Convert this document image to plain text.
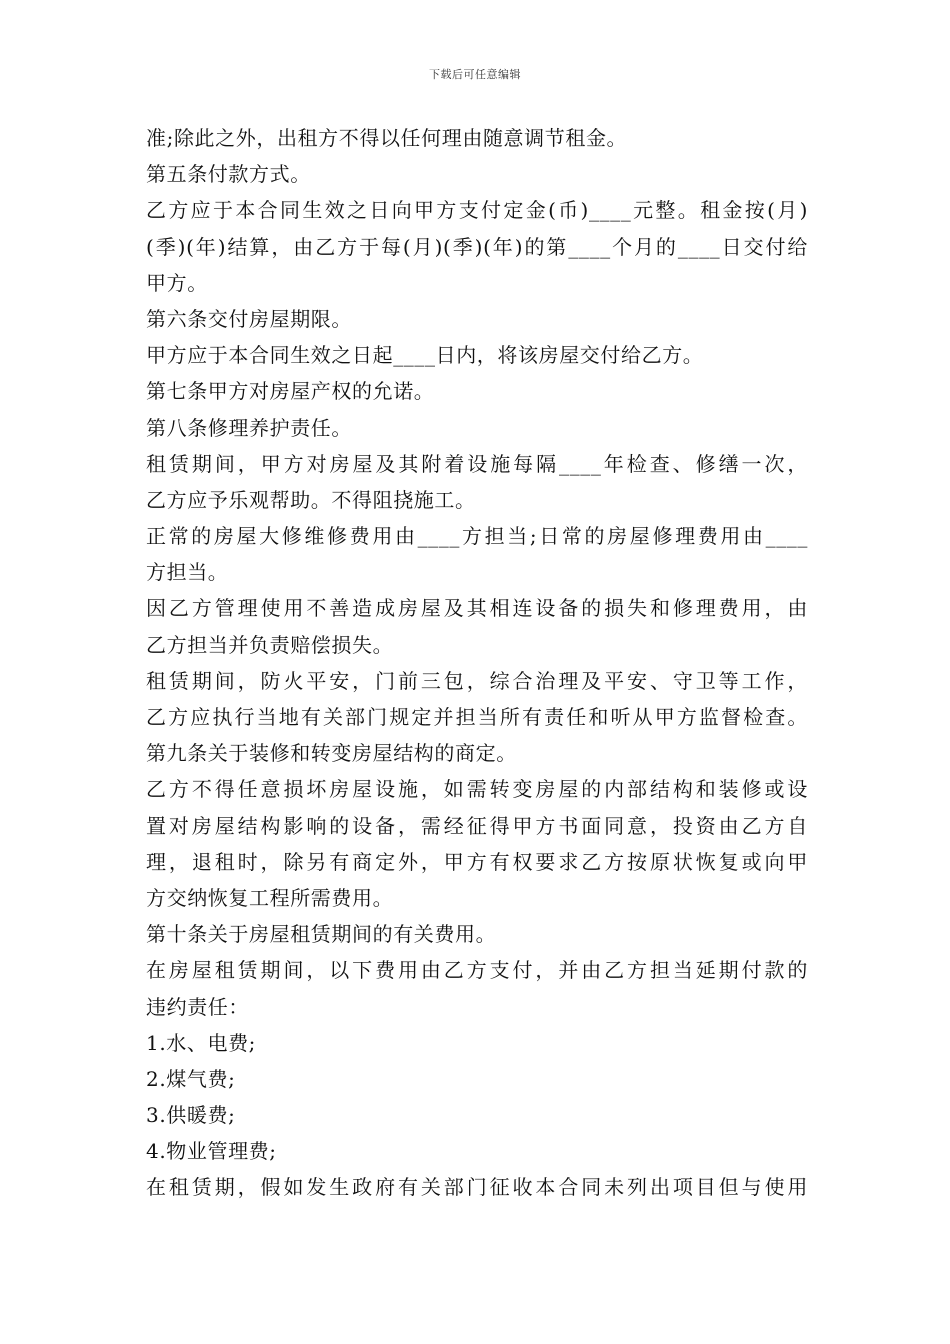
下载后可任意编辑
准;除此之外，出租方不得以任何理由随意调节租金。
第五条付款方式。
乙方应于本合同生效之日向甲方支付定金(币)____元整。租金按(月)
(季)(年)结算，由乙方于每(月)(季)(年)的第____个月的____日交付给
甲方。
第六条交付房屋期限。
甲方应于本合同生效之日起____日内，将该房屋交付给乙方。
第七条甲方对房屋产权的允诺。
第八条修理养护责任。
租赁期间，甲方对房屋及其附着设施每隔____年检查、修缮一次，
乙方应予乐观帮助。不得阻挠施工。
正常的房屋大修维修费用由____方担当;日常的房屋修理费用由____
方担当。
因乙方管理使用不善造成房屋及其相连设备的损失和修理费用，由
乙方担当并负责赔偿损失。
租赁期间，防火平安，门前三包，综合治理及平安、守卫等工作，
乙方应执行当地有关部门规定并担当所有责任和听从甲方监督检查。
第九条关于装修和转变房屋结构的商定。
乙方不得任意损坏房屋设施，如需转变房屋的内部结构和装修或设
置对房屋结构影响的设备，需经征得甲方书面同意，投资由乙方自
理，退租时，除另有商定外，甲方有权要求乙方按原状恢复或向甲
方交纳恢复工程所需费用。
第十条关于房屋租赁期间的有关费用。
在房屋租赁期间，以下费用由乙方支付，并由乙方担当延期付款的
违约责任：
1.水、电费;
2.煤气费;
3.供暖费;
4.物业管理费;
在租赁期，假如发生政府有关部门征收本合同未列出项目但与使用
